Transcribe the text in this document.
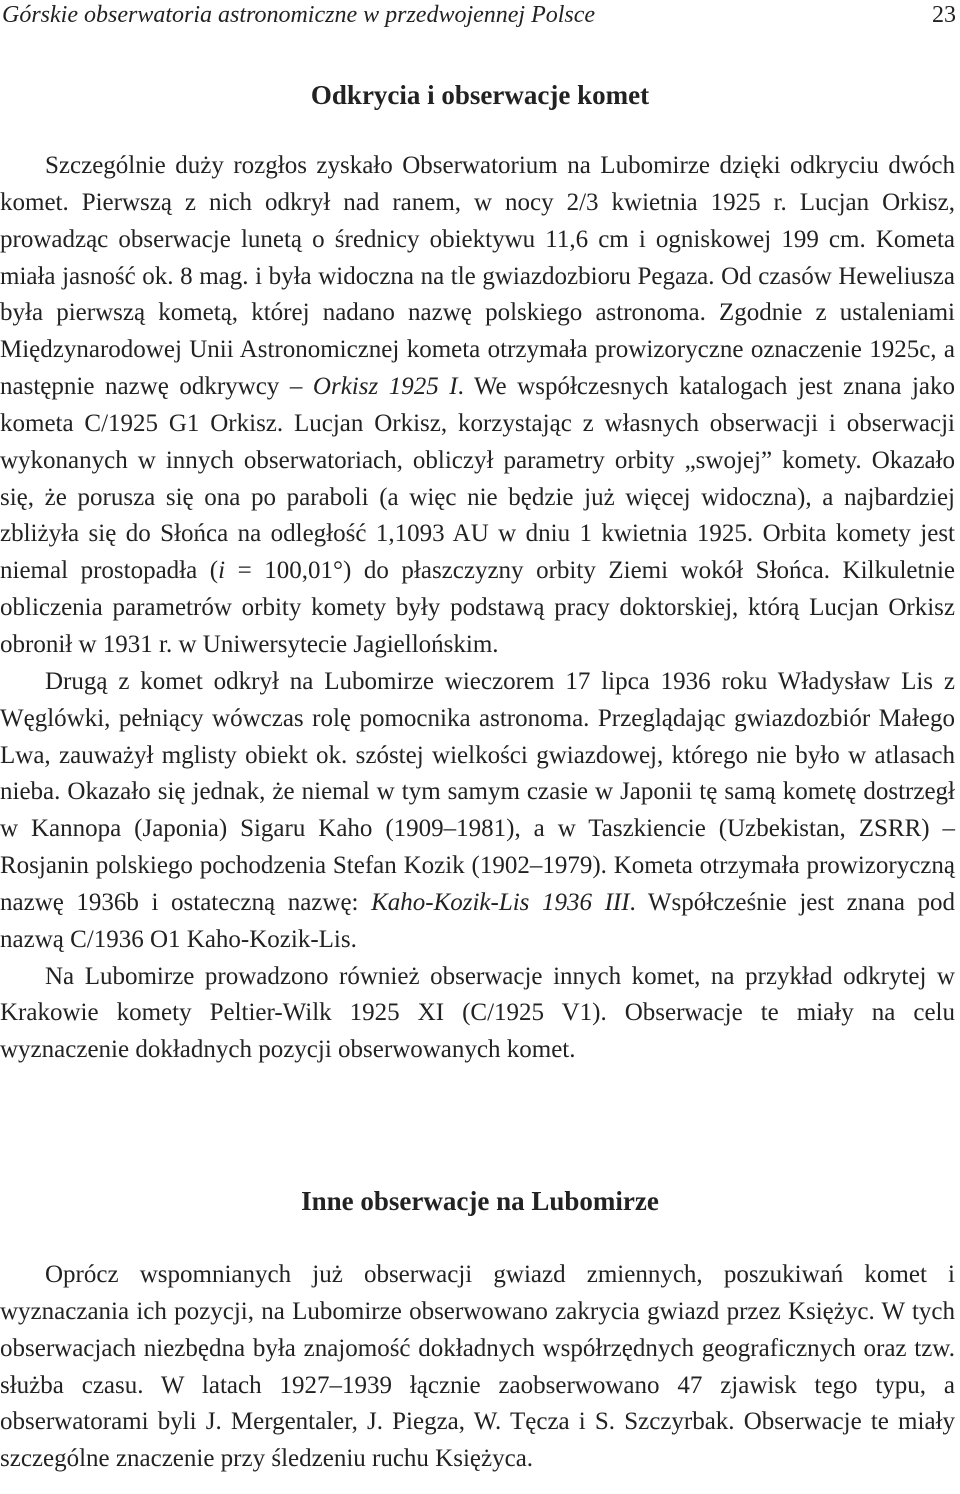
Górskie obserwatoria astronomiczne w przedwojennej Polsce	23
Odkrycia i obserwacje komet

Szczególnie duży rozgłos zyskało Obserwatorium na Lubomirze dzięki odkryciu dwóch komet. Pierwszą z nich odkrył nad ranem, w nocy 2/3 kwietnia 1925 r. Lucjan Orkisz, prowadząc obserwacje lunetą o średnicy obiektywu 11,6 cm i ogniskowej 199 cm. Kometa miała jasność ok. 8 mag. i była widoczna na tle gwiazdozbioru Pegaza. Od czasów Heweliusza była pierwszą kometą, której nadano nazwę polskiego astronoma. Zgodnie z ustaleniami Międzynarodowej Unii Astronomicznej kometa otrzymała prowizoryczne oznaczenie 1925c, a następnie nazwę odkrywcy – Orkisz 1925 I. We współczesnych katalogach jest znana jako kometa C/1925 G1 Orkisz. Lucjan Orkisz, korzystając z własnych obserwacji i obserwacji wykonanych w innych obserwatoriach, obliczył parametry orbity „swojej” komety. Okazało się, że porusza się ona po paraboli (a więc nie będzie już więcej widoczna), a najbardziej zbliżyła się do Słońca na odległość 1,1093 AU w dniu 1 kwietnia 1925. Orbita komety jest niemal prostopadła (i = 100,01°) do płaszczyzny orbity Ziemi wokół Słońca. Kilkuletnie obliczenia parametrów orbity komety były podstawą pracy doktorskiej, którą Lucjan Orkisz obronił w 1931 r. w Uniwersytecie Jagiellońskim.

Drugą z komet odkrył na Lubomirze wieczorem 17 lipca 1936 roku Władysław Lis z Węglówki, pełniący wówczas rolę pomocnika astronoma. Przeglądając gwiazdozbiór Małego Lwa, zauważył mglisty obiekt ok. szóstej wielkości gwiazdowej, którego nie było w atlasach nieba. Okazało się jednak, że niemal w tym samym czasie w Japonii tę samą kometę dostrzegł w Kannopa (Japonia) Sigaru Kaho (1909–1981), a w Taszkiencie (Uzbekistan, ZSRR) – Rosjanin polskiego pochodzenia Stefan Kozik (1902–1979). Kometa otrzymała prowizoryczną nazwę 1936b i ostateczną nazwę: Kaho-Kozik-Lis 1936 III. Współcześnie jest znana pod nazwą C/1936 O1 Kaho-Kozik-Lis.

Na Lubomirze prowadzono również obserwacje innych komet, na przykład odkrytej w Krakowie komety Peltier-Wilk 1925 XI (C/1925 V1). Obserwacje te miały na celu wyznaczenie dokładnych pozycji obserwowanych komet.

Inne obserwacje na Lubomirze

Oprócz wspomnianych już obserwacji gwiazd zmiennych, poszukiwań komet i wyznaczania ich pozycji, na Lubomirze obserwowano zakrycia gwiazd przez Księżyc. W tych obserwacjach niezbędna była znajomość dokładnych współrzędnych geograficznych oraz tzw. służba czasu. W latach 1927–1939 łącznie zaobserwowano 47 zjawisk tego typu, a obserwatorami byli J. Mergentaler, J. Piegza, W. Tęcza i S. Szczyrbak. Obserwacje te miały szczególne znaczenie przy śledzeniu ruchu Księżyca.
